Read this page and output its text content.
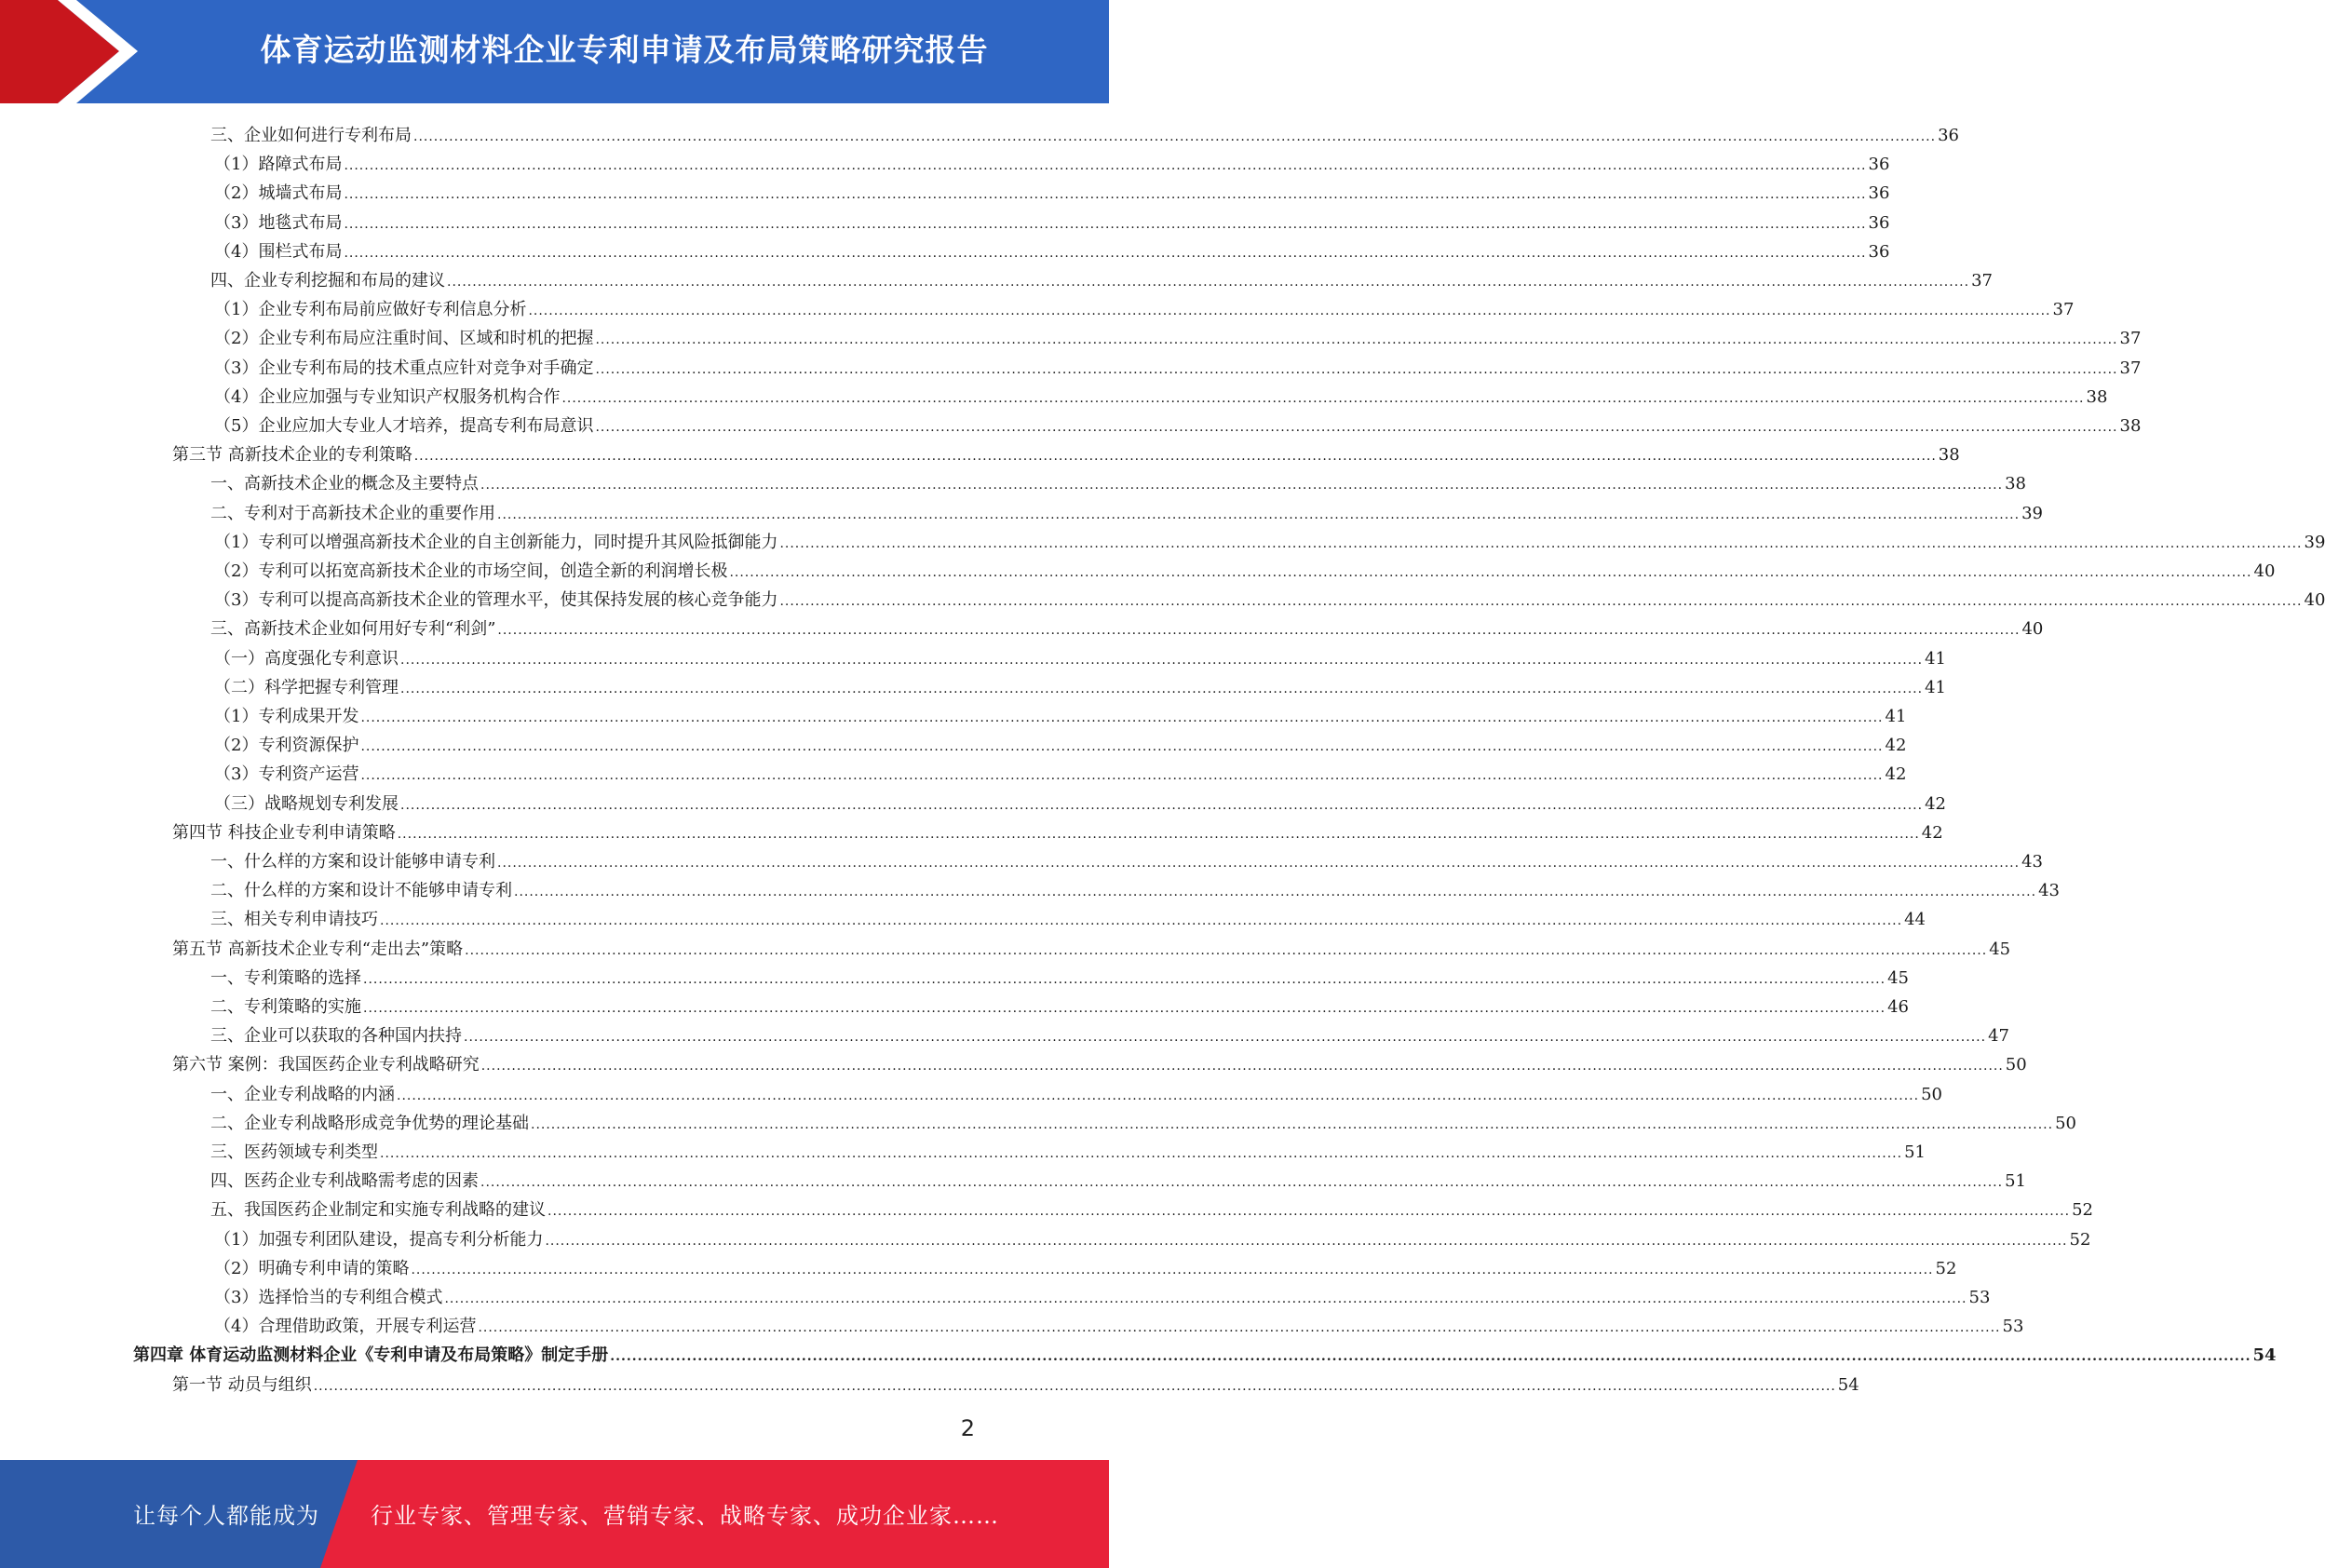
体育运动监测材料企业专利申请及布局策略研究报告
三、企业如何进行专利布局 ............................................................................................................................................................................................................................................................................................................ 36
（1）路障式布局 ............................................................................................................................................................................................................................................................................................................ 36
（2）城墙式布局 ............................................................................................................................................................................................................................................................................................................ 36
（3）地毯式布局 ............................................................................................................................................................................................................................................................................................................ 36
（4）围栏式布局 ............................................................................................................................................................................................................................................................................................................ 36
四、企业专利挖掘和布局的建议 ............................................................................................................................................................................................................................................................................................................ 37
（1）企业专利布局前应做好专利信息分析 ............................................................................................................................................................................................................................................................................................................ 37
（2）企业专利布局应注重时间、区域和时机的把握 ............................................................................................................................................................................................................................................................................................................ 37
（3）企业专利布局的技术重点应针对竞争对手确定 ............................................................................................................................................................................................................................................................................................................ 37
（4）企业应加强与专业知识产权服务机构合作 ............................................................................................................................................................................................................................................................................................................ 38
（5）企业应加大专业人才培养，提高专利布局意识 ............................................................................................................................................................................................................................................................................................................ 38
第三节 高新技术企业的专利策略 ............................................................................................................................................................................................................................................................................................................ 38
一、高新技术企业的概念及主要特点 ............................................................................................................................................................................................................................................................................................................ 38
二、专利对于高新技术企业的重要作用 ............................................................................................................................................................................................................................................................................................................ 39
（1）专利可以增强高新技术企业的自主创新能力，同时提升其风险抵御能力 ............................................................................................................................................................................................................................................................................................................ 39
（2）专利可以拓宽高新技术企业的市场空间，创造全新的利润增长极 ............................................................................................................................................................................................................................................................................................................ 40
（3）专利可以提高高新技术企业的管理水平，使其保持发展的核心竞争能力 ............................................................................................................................................................................................................................................................................................................ 40
三、高新技术企业如何用好专利“利剑” ............................................................................................................................................................................................................................................................................................................ 40
（一）高度强化专利意识 ............................................................................................................................................................................................................................................................................................................ 41
（二）科学把握专利管理 ............................................................................................................................................................................................................................................................................................................ 41
（1）专利成果开发 ............................................................................................................................................................................................................................................................................................................ 41
（2）专利资源保护 ............................................................................................................................................................................................................................................................................................................ 42
（3）专利资产运营 ............................................................................................................................................................................................................................................................................................................ 42
（三）战略规划专利发展 ............................................................................................................................................................................................................................................................................................................ 42
第四节 科技企业专利申请策略 ............................................................................................................................................................................................................................................................................................................ 42
一、什么样的方案和设计能够申请专利 ............................................................................................................................................................................................................................................................................................................ 43
二、什么样的方案和设计不能够申请专利 ............................................................................................................................................................................................................................................................................................................ 43
三、相关专利申请技巧 ............................................................................................................................................................................................................................................................................................................ 44
第五节 高新技术企业专利“走出去”策略 ............................................................................................................................................................................................................................................................................................................ 45
一、专利策略的选择 ............................................................................................................................................................................................................................................................................................................ 45
二、专利策略的实施 ............................................................................................................................................................................................................................................................................................................ 46
三、企业可以获取的各种国内扶持 ............................................................................................................................................................................................................................................................................................................ 47
第六节 案例：我国医药企业专利战略研究 ............................................................................................................................................................................................................................................................................................................ 50
一、企业专利战略的内涵 ............................................................................................................................................................................................................................................................................................................ 50
二、企业专利战略形成竞争优势的理论基础 ............................................................................................................................................................................................................................................................................................................ 50
三、医药领域专利类型 ............................................................................................................................................................................................................................................................................................................ 51
四、医药企业专利战略需考虑的因素 ............................................................................................................................................................................................................................................................................................................ 51
五、我国医药企业制定和实施专利战略的建议 ............................................................................................................................................................................................................................................................................................................ 52
（1）加强专利团队建设，提高专利分析能力 ............................................................................................................................................................................................................................................................................................................ 52
（2）明确专利申请的策略 ............................................................................................................................................................................................................................................................................................................ 52
（3）选择恰当的专利组合模式 ............................................................................................................................................................................................................................................................................................................ 53
（4）合理借助政策，开展专利运营 ............................................................................................................................................................................................................................................................................................................ 53
第四章 体育运动监测材料企业《专利申请及布局策略》制定手册 ............................................................................................................................................................................................................................................................................................................ 54
第一节 动员与组织 ............................................................................................................................................................................................................................................................................................................ 54
2
让每个人都能成为 行业专家、管理专家、营销专家、战略专家、成功企业家……
